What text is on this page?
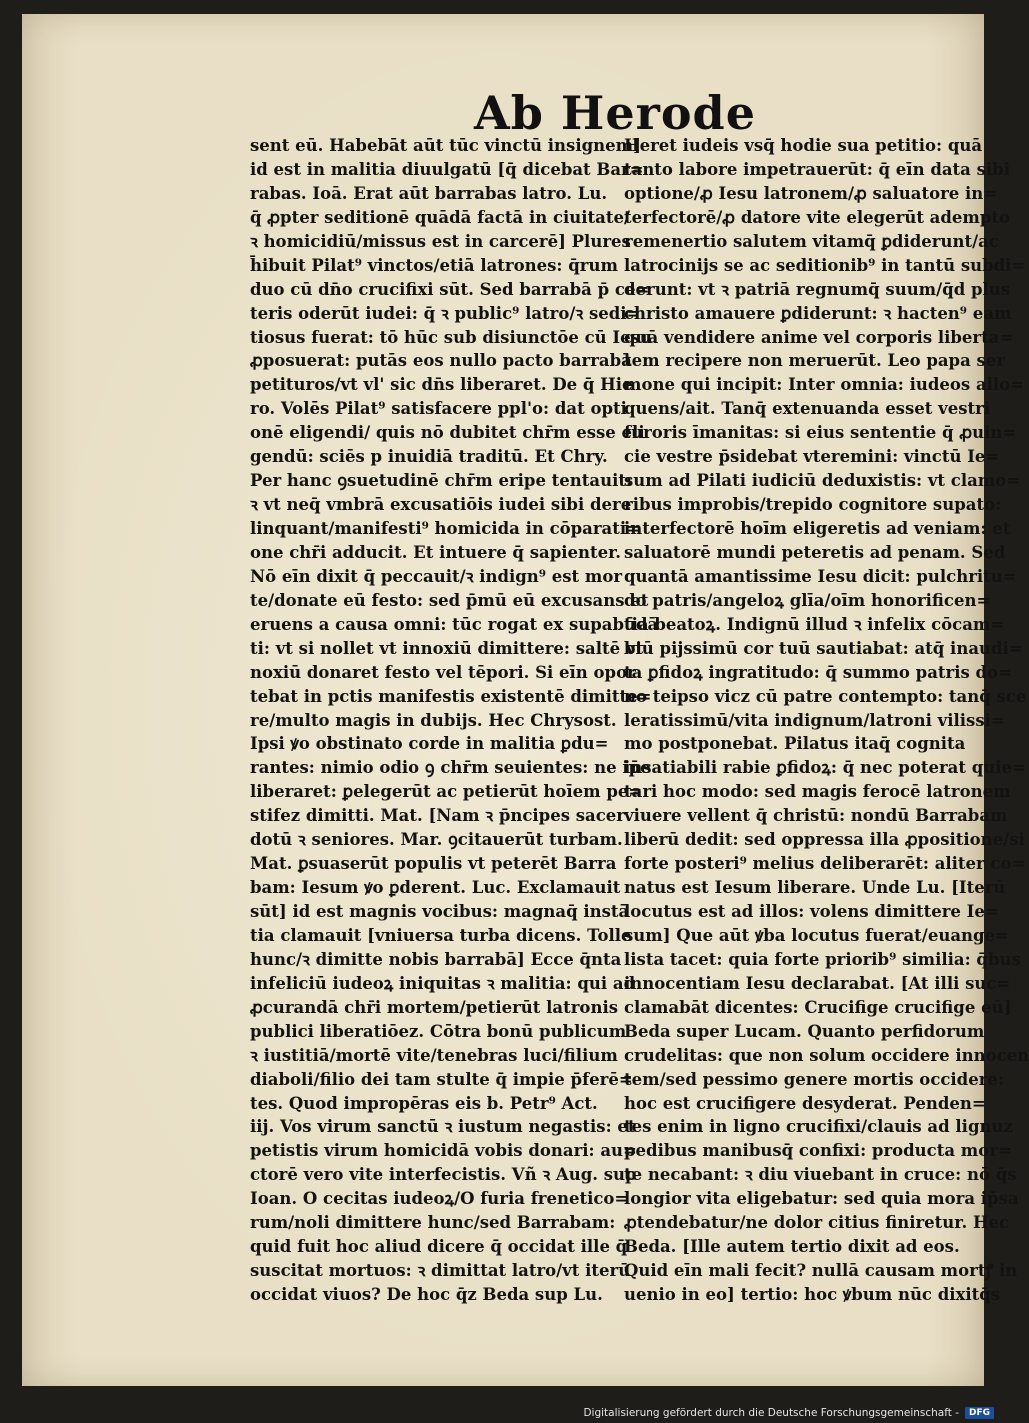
Ab Herode
sent eū. Habebāt aūt tūc vinctū insignem]
id est in malitia diuulgatū [q̄ dicebat Bar=
rabas. Ioā. Erat aūt barrabas latro. Lu.
q̄ ꝓpter seditionē quādā factā in ciuitate/
ꝛ homicidiū/missus est in carcerē] Plures
h̄ibuit Pilat⁹ vinctos/etiā latrones: q̄rum
duo cū dn̄o crucifixi sūt. Sed barrabā p̄ ce=
teris oderūt iudei: q̄ ꝛ public⁹ latro/ꝛ sedi=
tiosus fuerat: tō hūc sub disiunctōe cū Iesu
ꝓposuerat: putās eos nullo pacto barrabā
petituros/vt vl' sic dn̄s liberaret. De q̄ Hie
ro. Volēs Pilat⁹ satisfacere ppl'o: dat opti
onē eligendi/ quis nō dubitet chr̄m esse eli
gendū: sciēs p inuidiā traditū. Et Chry.
Per hanc ꝯsuetudinē chr̄m eripe tentauit:
ꝛ vt neq̄ vmbrā excusatiōis iudei sibi dere
linquant/manifesti⁹ homicida in cōparati=
one chr̄i adducit. Et intuere q̄ sapienter.
Nō eīn dixit q̄ peccauit/ꝛ indign⁹ est mor
te/donate eū festo: sed p̄mū eū excusans et
eruens a causa omni: tūc rogat ex supabūdā
ti: vt si nollet vt innoxiū dimittere: saltē vt
noxiū donaret festo vel tēpori. Si eīn opor
tebat in pctis manifestis existentē dimitte=
re/multo magis in dubijs. Hec Chrysost.
Ipsi ꝟo obstinato corde in malitia ꝑdu=
rantes: nimio odio ꝯ chr̄m seuientes: ne ip̄e
liberaret: ꝑelegerūt ac petierūt hoīem pe=
stifez dimitti. Mat. [Nam ꝛ p̄ncipes sacer
dotū ꝛ seniores. Mar. ꝯcitauerūt turbam.
Mat. ꝑsuaserūt populis vt peterēt Barra
bam: Iesum ꝟo ꝑderent. Luc. Exclamauit
sūt] id est magnis vocibus: magnaq̄ instā
tia clamauit [vniuersa turba dicens. Tolle
hunc/ꝛ dimitte nobis barrabā] Ecce q̄nta
infeliciū iudeoꝝ iniquitas ꝛ malitia: qui ad
ꝓcurandā chr̄i mortem/petierūt latronis
publici liberatiōez. Cōtra bonū publicum
ꝛ iustitiā/mortē vite/tenebras luci/filium
diaboli/filio dei tam stulte q̄ impie p̄ferē=
tes. Quod impropēras eis b. Petr⁹ Act.
iij. Vos virum sanctū ꝛ iustum negastis: et
petistis virum homicidā vobis donari: au=
ctorē vero vite interfecistis. Vñ ꝛ Aug. sup
Ioan. O cecitas iudeoꝝ/O furia frenetico=
rum/noli dimittere hunc/sed Barrabam:
quid fuit hoc aliud dicere q̄ occidat ille q̄
suscitat mortuos: ꝛ dimittat latro/vt iterū
occidat viuos? De hoc q̄z Beda sup Lu.
Heret iudeis vsq̄ hodie sua petitio: quā
tanto labore impetrauerūt: q̄ eīn data sibi
optione/ꝓ Iesu latronem/ꝓ saluatore in=
terfectorē/ꝓ datore vite elegerūt adempto
remenertio salutem vitamq̄ ꝑdiderunt/ac
latrocinijs se ac seditionib⁹ in tantū subdi=
derunt: vt ꝛ patriā regnumq̄ suum/q̄d plus
christo amauere ꝑdiderunt: ꝛ hacten⁹ eam
quā vendidere anime vel corporis liberta=
tem recipere non meruerūt. Leo papa ser
mone qui incipit: Inter omnia: iudeos allo=
quens/ait. Tanq̄ extenuanda esset vestri
furoris īmanitas: si eius sententie q̄ ꝓuin=
cie vestre p̄sidebat vteremini: vinctū Ie=
sum ad Pilati iudiciū deduxistis: vt clamo=
ribus improbis/trepido cognitore supato:
interfectorē hoīm eligeretis ad veniam: et
saluatorē mundi peteretis ad penam. Sed
quantā amantissime Iesu dicit: pulchritu=
do patris/angeloꝝ glīa/oīm honorificen=
tia beatoꝝ. Indignū illud ꝛ infelix cōcam=
biū pijssimū cor tuū sautiabat: atq̄ inaudi=
ta ꝑfidoꝝ ingratitudo: q̄ summo patris do=
no teipso vicz cū patre contempto: tanq̄ sce
leratissimū/vita indignum/latroni vilissi=
mo postponebat. Pilatus itaq̄ cognita
insatiabili rabie ꝑfidoꝝ: q̄ nec poterat quie=
tari hoc modo: sed magis ferocē latronem
viuere vellent q̄ christū: nondū Barrabam
liberū dedit: sed oppressa illa ꝓpositione/si
forte posteri⁹ melius deliberarēt: aliter co=
natus est Iesum liberare. Unde Lu. [Iterū
locutus est ad illos: volens dimittere Ie=
sum] Que aūt ꝟba locutus fuerat/euange=
lista tacet: quia forte priorib⁹ similia: q̄bus
innocentiam Iesu declarabat. [At illi suc=
clamabāt dicentes: Crucifige crucifige eū]
Beda super Lucam. Quanto perfidorum
crudelitas: que non solum occidere innocen
tem/sed pessimo genere mortis occidere:
hoc est crucifigere desyderat. Penden=
tes enim in ligno crucifixi/clauis ad lignuz
pedibus manibusq̄ confixi: producta mor=
te necabant: ꝛ diu viuebant in cruce: nō q̄s
longior vita eligebatur: sed quia mora ip̄sa
ꝓtendebatur/ne dolor citius finiretur. Hec
Beda. [Ille autem tertio dixit ad eos.
Quid eīn mali fecit? nullā causam mortꝭ in
uenio in eo] tertio: hoc ꝟbum nūc dixitq̄s
Digitalisierung gefördert durch die Deutsche Forschungsgemeinschaft -	DFG
